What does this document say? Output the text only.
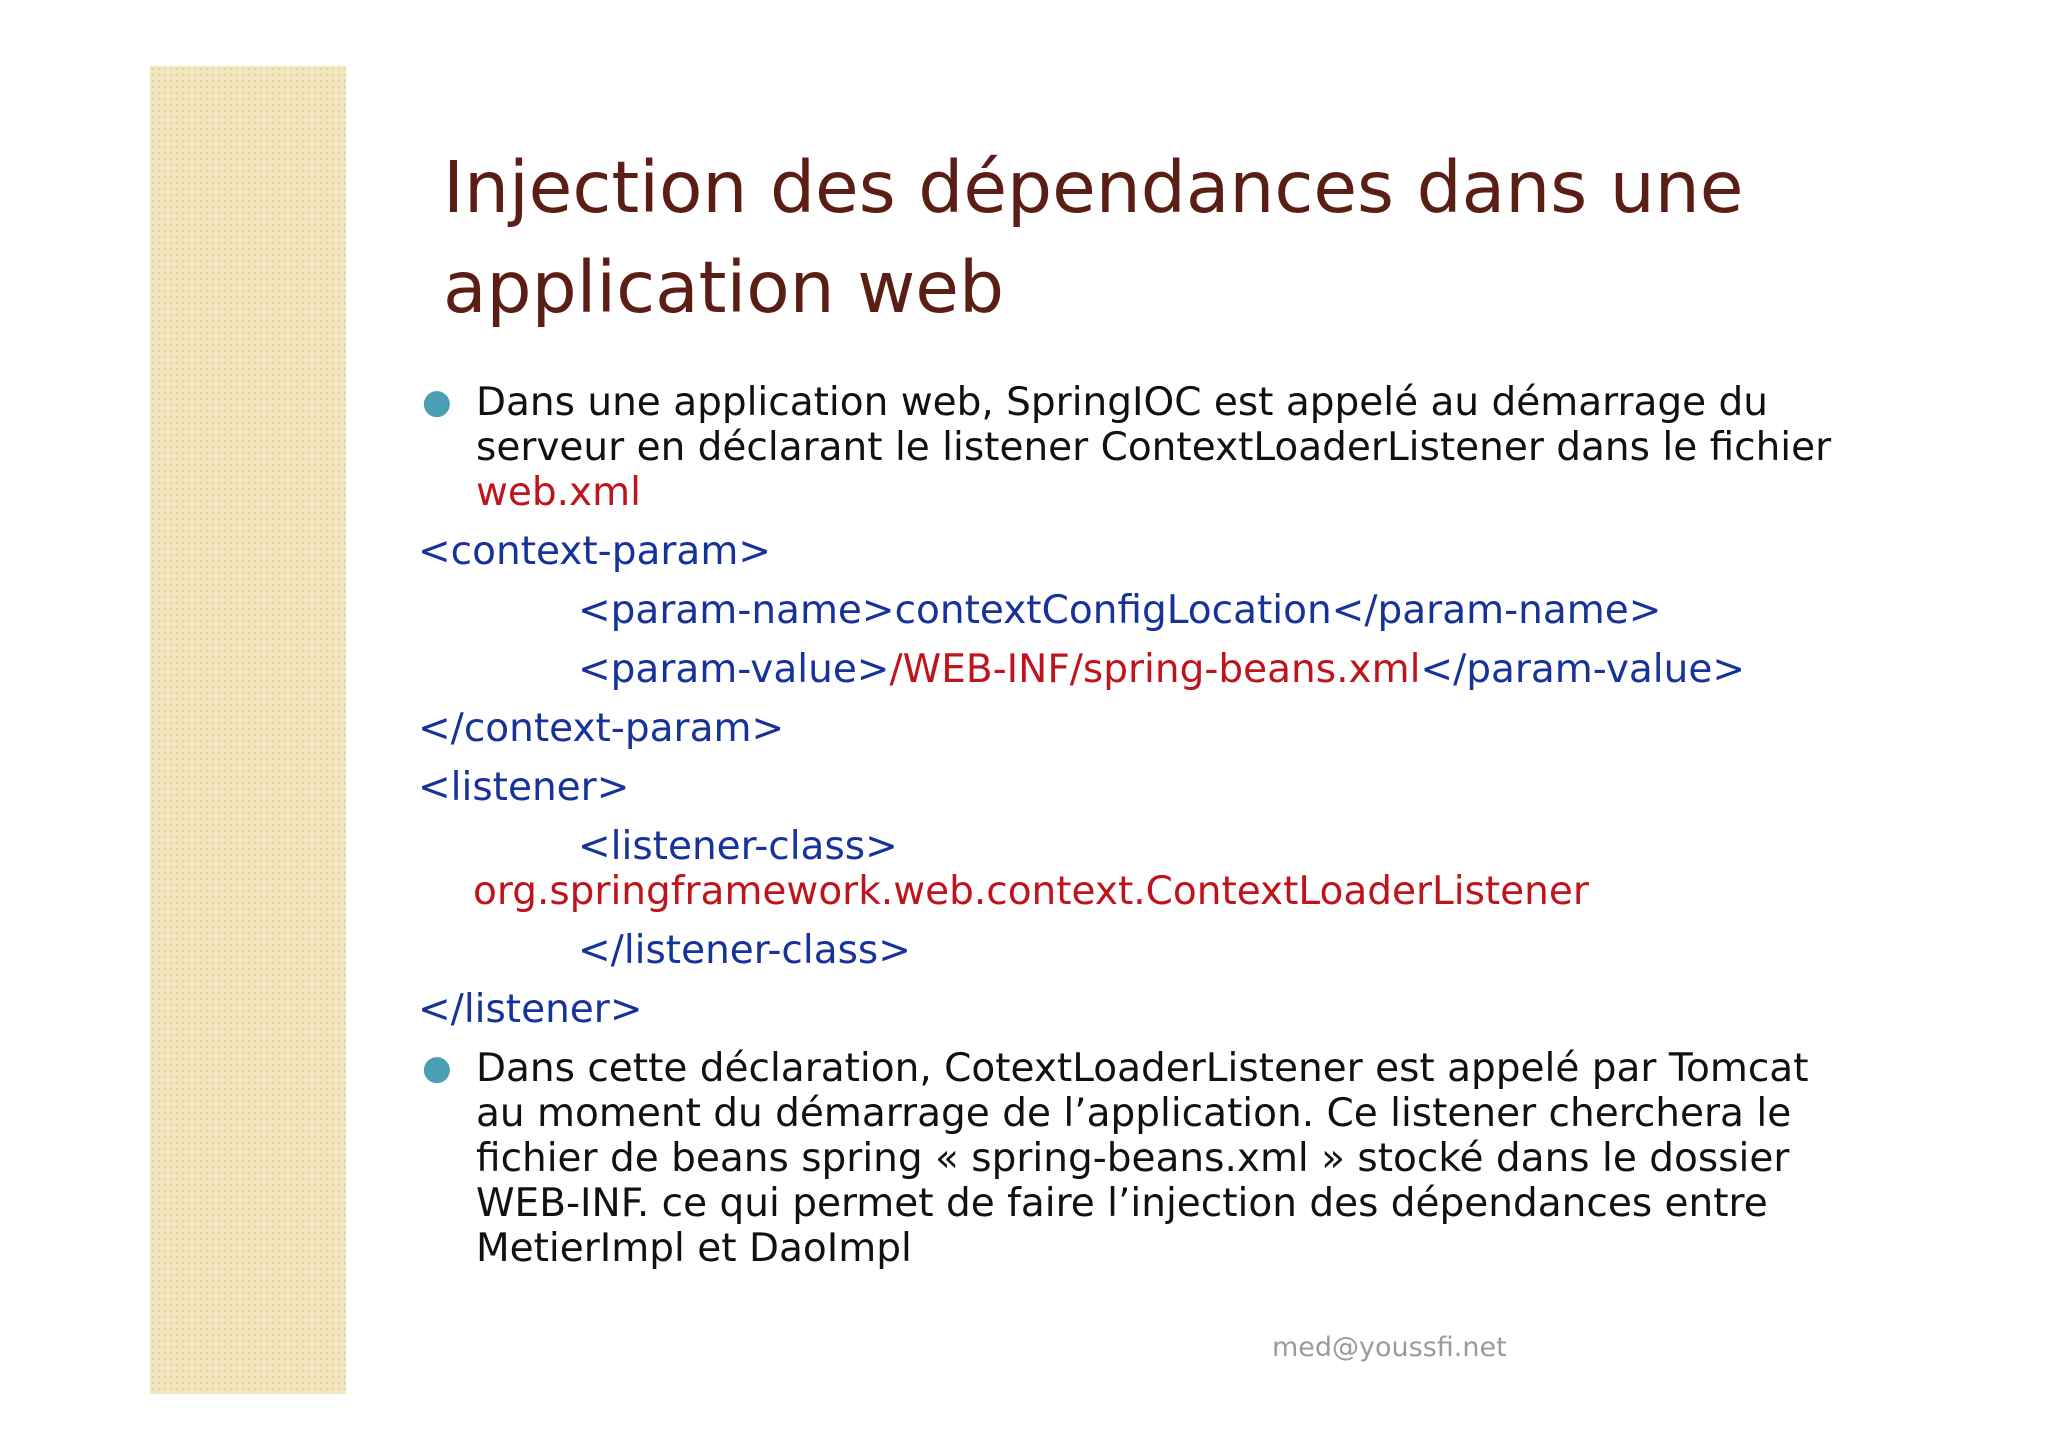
Injection des dépendances dans une application web
● Dans une application web, SpringIOC est appelé au démarrage du serveur en déclarant le listener ContextLoaderListener dans le fichier
web.xml
<context-param>
<param-name>contextConfigLocation</param-name>
<param-value>/WEB-INF/spring-beans.xml</param-value>
</context-param>
<listener>
<listener-class>
org.springframework.web.context.ContextLoaderListener
</listener-class>
</listener>
● Dans cette déclaration, CotextLoaderListener est appelé par Tomcat au moment du démarrage de l’application. Ce listener cherchera le fichier de beans spring « spring-beans.xml » stocké dans le dossier WEB-INF. ce qui permet de faire l’injection des dépendances entre MetierImpl et DaoImpl
med@youssfi.net
